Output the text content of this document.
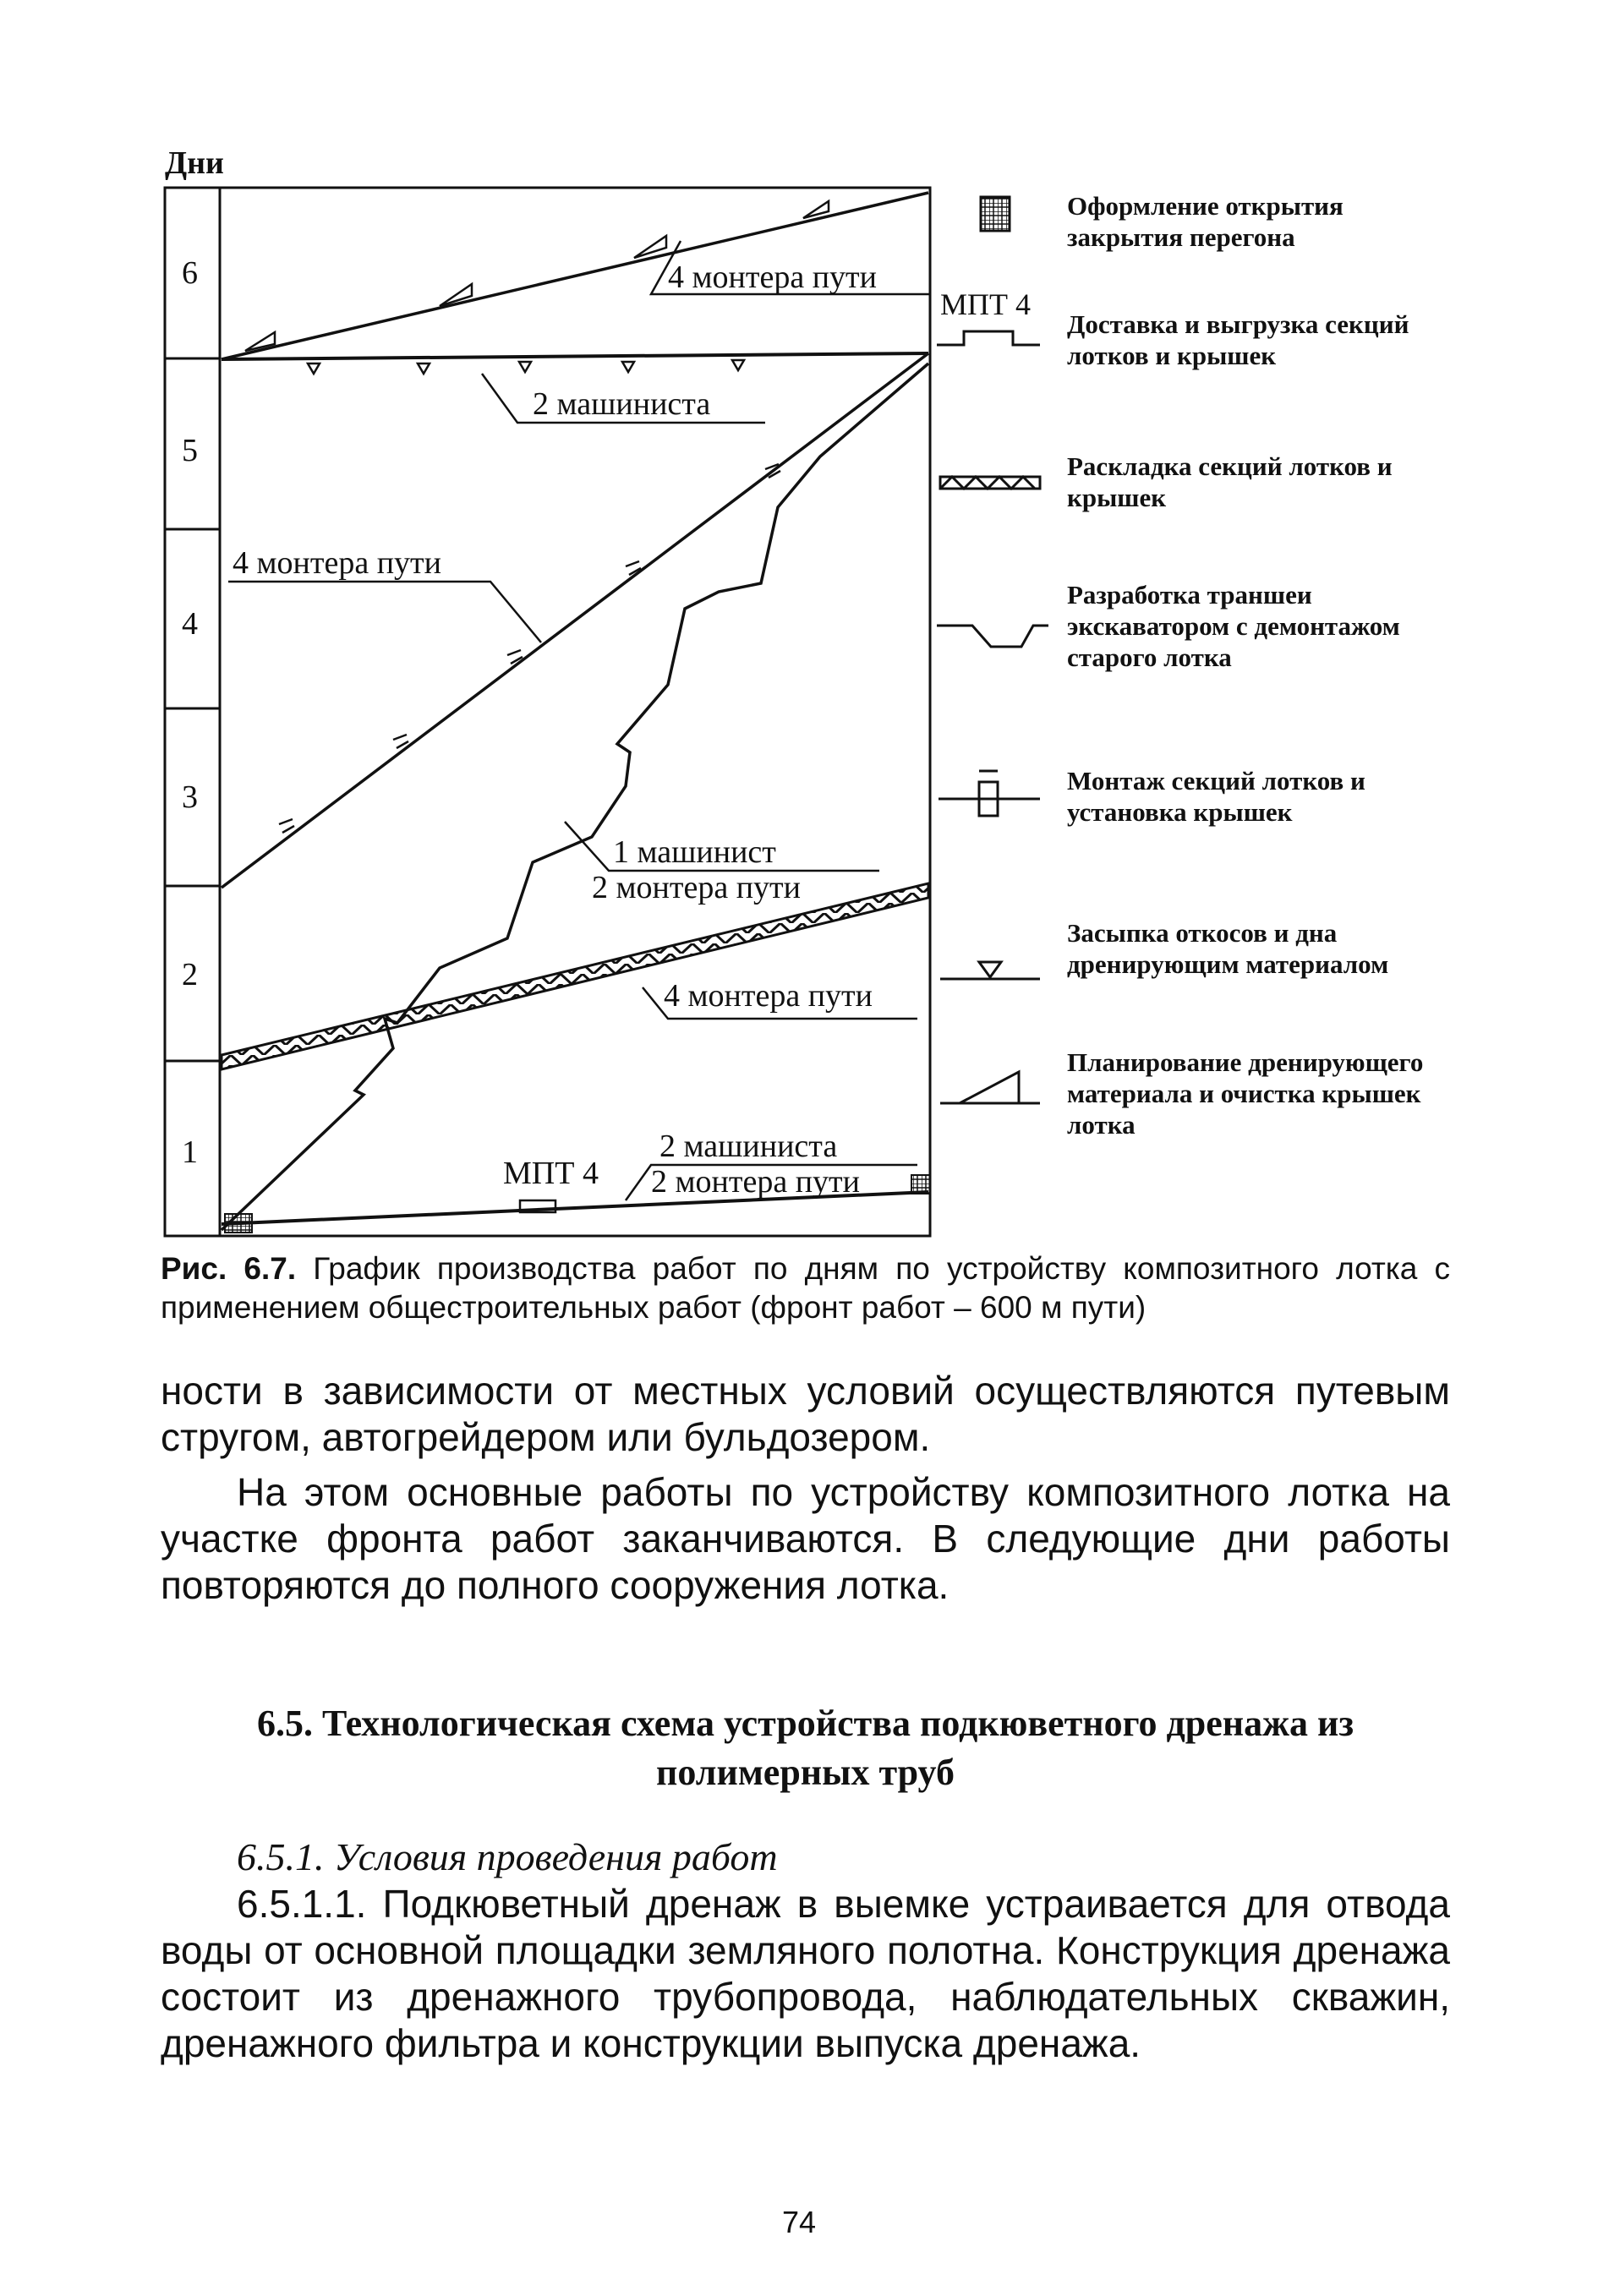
Дни
1
2
3
4
5
6	4 монтера пути
2 машиниста
4 монтера пути
1 машинист
2 монтера пути
4 монтера пути
2 машиниста
2 монтера пути
МПТ 4
МПТ 4
Оформление открытия закрытия перегона
Доставка и выгрузка секций лотков и крышек
Раскладка секций лотков и крышек
Разработка траншеи экскаватором с демонтажом старого лотка
Монтаж секций лотков и установка крышек
Засыпка откосов и дна дренирующим материалом
Планирование дренирующего материала и очистка крышек лотка
Рис. 6.7. График производства работ по дням по устройству композитного лотка с применением общестроительных работ (фронт работ – 600 м пути)

ности в зависимости от местных условий осуществляются путевым стругом, автогрейдером или бульдозером.

На этом основные работы по устройству композитного лотка на участке фронта работ заканчиваются. В следующие дни работы повторяются до полного сооружения лотка.

6.5. Технологическая схема устройства подкюветного дренажа из полимерных труб
6.5.1. Условия проведения работ

6.5.1.1. Подкюветный дренаж в выемке устраивается для отвода воды от основной площадки земляного полотна. Конструкция дренажа состоит из дренажного трубопровода, наблюдательных скважин, дренажного фильтра и конструкции выпуска дренажа.

74
